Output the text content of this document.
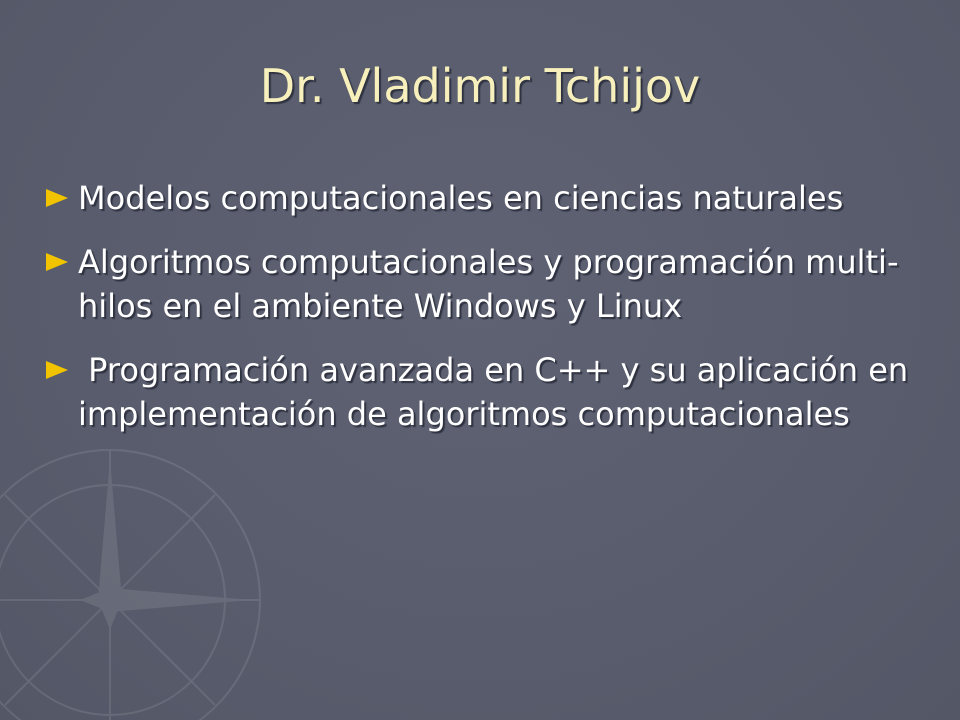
Dr. Vladimir Tchijov
Modelos computacionales en ciencias naturales
Algoritmos computacionales y programación multi-hilos en el ambiente Windows y Linux
Programación avanzada en C++ y su aplicación en implementación de algoritmos computacionales
